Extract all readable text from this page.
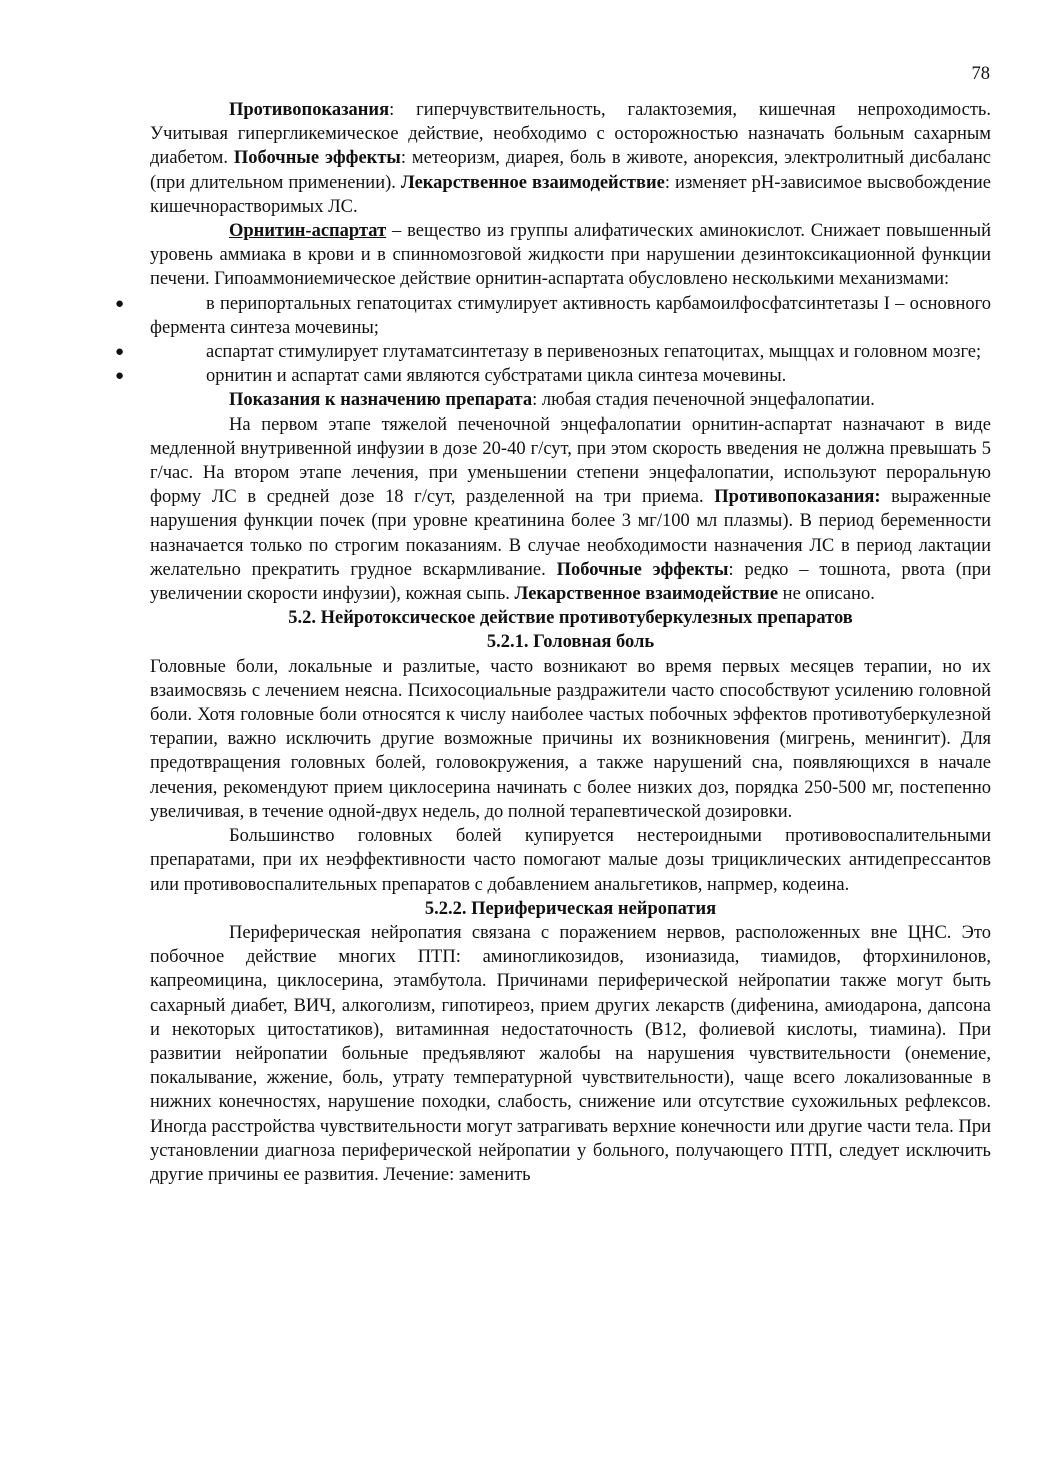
78

Противопоказания: гиперчувствительность, галактоземия, кишечная непроходимость. Учитывая гипергликемическое действие, необходимо с осторожностью назначать больным сахарным диабетом. Побочные эффекты: метеоризм, диарея, боль в животе, анорексия, электролитный дисбаланс (при длительном применении). Лекарственное взаимодействие: изменяет рН-зависимое высвобождение кишечнорастворимых ЛС.

Орнитин-аспартат – вещество из группы алифатических аминокислот. Снижает повышенный уровень аммиака в крови и в спинномозговой жидкости при нарушении дезинтоксикационной функции печени. Гипоаммониемическое действие орнитин-аспартата обусловлено несколькими механизмами:

●	в перипортальных гепатоцитах стимулирует активность карбамоилфосфатсинтетазы I – основного фермента синтеза мочевины;

●	аспартат стимулирует глутаматсинтетазу в перивенозных гепатоцитах, мыщцах и головном мозге;

●	орнитин и аспартат сами являются субстратами цикла синтеза мочевины.

Показания к назначению препарата: любая стадия печеночной энцефалопатии.

На первом этапе тяжелой печеночной энцефалопатии орнитин-аспартат назначают в виде медленной внутривенной инфузии в дозе 20-40 г/сут, при этом скорость введения не должна превышать 5 г/час. На втором этапе лечения, при уменьшении степени энцефалопатии, используют пероральную форму ЛС в средней дозе 18 г/сут, разделенной на три приема. Противопоказания: выраженные нарушения функции почек (при уровне креатинина более 3 мг/100 мл плазмы). В период беременности назначается только по строгим показаниям. В случае необходимости назначения ЛС в период лактации желательно прекратить грудное вскармливание. Побочные эффекты: редко – тошнота, рвота (при увеличении скорости инфузии), кожная сыпь. Лекарственное взаимодействие не описано.

5.2. Нейротоксическое действие противотуберкулезных препаратов

5.2.1. Головная боль

Головные боли, локальные и разлитые, часто возникают во время первых месяцев терапии, но их взаимосвязь с лечением неясна. Психосоциальные раздражители часто способствуют усилению головной боли. Хотя головные боли относятся к числу наиболее частых побочных эффектов противотуберкулезной терапии, важно исключить другие возможные причины их возникновения (мигрень, менингит). Для предотвращения головных болей, головокружения, а также нарушений сна, появляющихся в начале лечения, рекомендуют прием циклосерина начинать с более низких доз, порядка 250-500 мг, постепенно увеличивая, в течение одной-двух недель, до полной терапевтической дозировки.

Большинство головных болей купируется нестероидными противовоспалительными препаратами, при их неэффективности часто помогают малые дозы трициклических антидепрессантов или противовоспалительных препаратов с добавлением анальгетиков, напрмер, кодеина.

5.2.2. Периферическая нейропатия

Периферическая нейропатия связана с поражением нервов, расположенных вне ЦНС. Это побочное действие многих ПТП: аминогликозидов, изониазида, тиамидов, фторхинилонов, капреомицина, циклосерина, этамбутола. Причинами периферической нейропатии также могут быть сахарный диабет, ВИЧ, алкоголизм, гипотиреоз, прием других лекарств (дифенина, амиодарона, дапсона и некоторых цитостатиков), витаминная недостаточность (В12, фолиевой кислоты, тиамина). При развитии нейропатии больные предъявляют жалобы на нарушения чувствительности (онемение, покалывание, жжение, боль, утрату температурной чувствительности), чаще всего локализованные в нижних конечностях, нарушение походки, слабость, снижение или отсутствие сухожильных рефлексов. Иногда расстройства чувствительности могут затрагивать верхние конечности или другие части тела. При установлении диагноза периферической нейропатии у больного, получающего ПТП, следует исключить другие причины ее развития. Лечение: заменить
